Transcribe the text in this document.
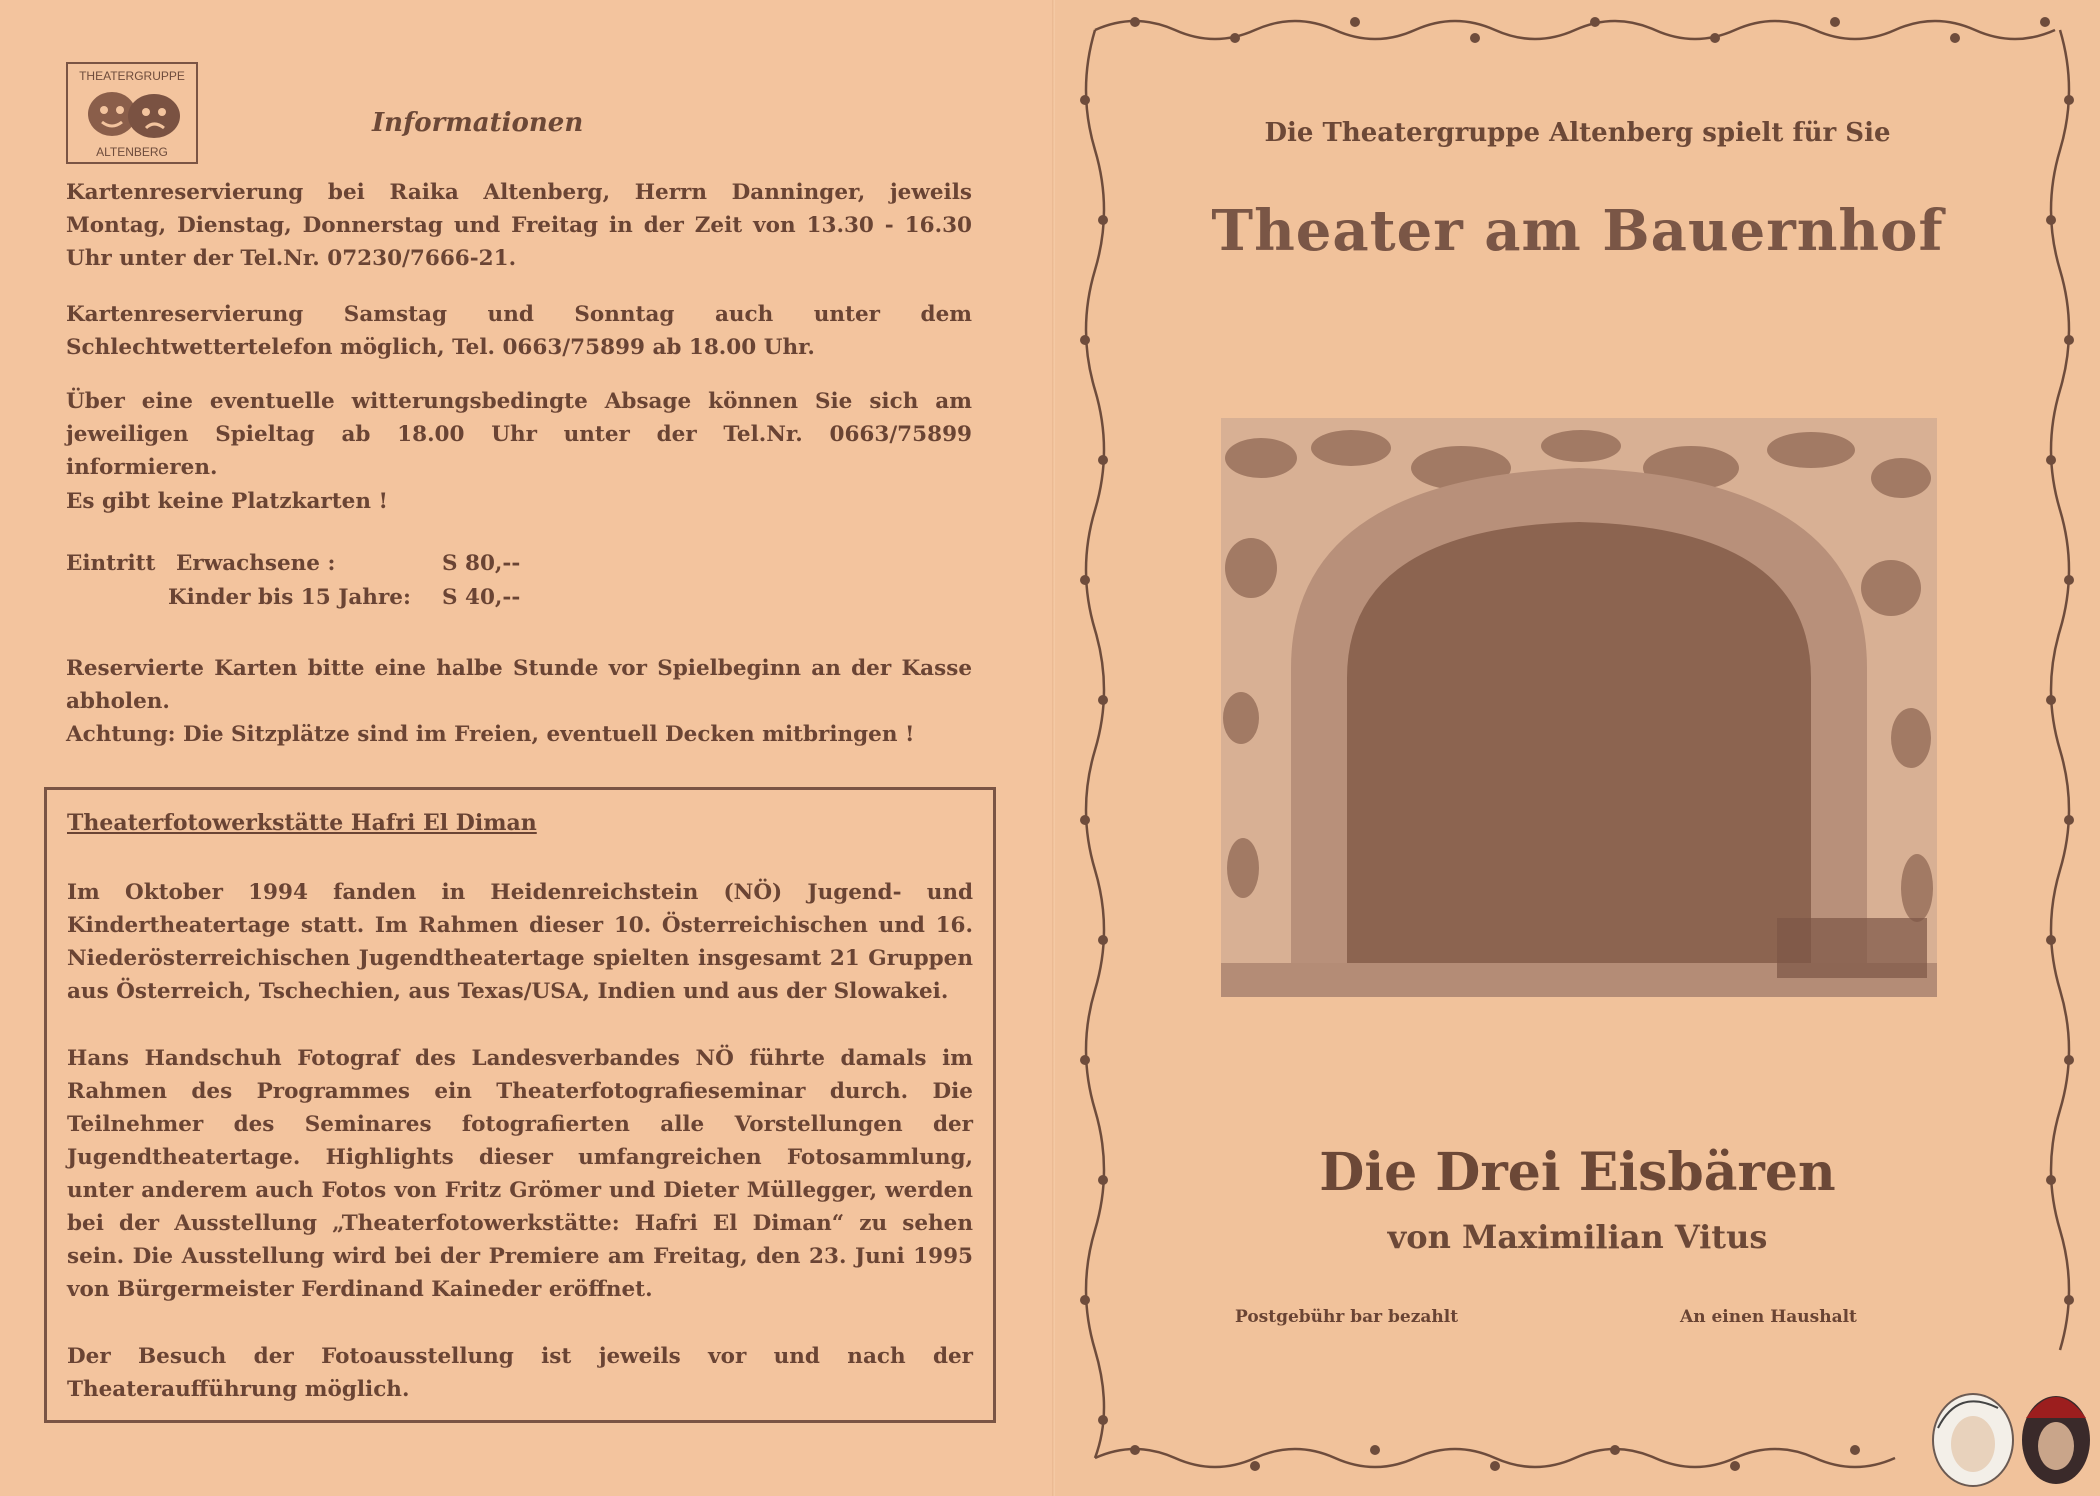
THEATERGRUPPE
ALTENBERG
Informationen

Kartenreservierung bei Raika Altenberg, Herrn Danninger, jeweils Montag, Dienstag, Donnerstag und Freitag in der Zeit von 13.30 - 16.30 Uhr unter der Tel.Nr. 07230/7666-21.

Kartenreservierung Samstag und Sonntag auch unter dem Schlechtwettertelefon möglich, Tel. 0663/75899 ab 18.00 Uhr.

Über eine eventuelle witterungsbedingte Absage können Sie sich am jeweiligen Spieltag ab 18.00 Uhr unter der Tel.Nr. 0663/75899 informieren.

Es gibt keine Platzkarten !

Eintritt Erwachsene :	S 80,--
Kinder bis 15 Jahre: S 40,--

Reservierte Karten bitte eine halbe Stunde vor Spielbeginn an der Kasse abholen.

Achtung: Die Sitzplätze sind im Freien, eventuell Decken mitbringen !

Theaterfotowerkstätte Hafri El Diman

Im Oktober 1994 fanden in Heidenreichstein (NÖ) Jugend- und Kindertheatertage statt. Im Rahmen dieser 10. Österreichischen und 16. Niederösterreichischen Jugendtheatertage spielten insgesamt 21 Gruppen aus Österreich, Tschechien, aus Texas/USA, Indien und aus der Slowakei.

Hans Handschuh Fotograf des Landesverbandes NÖ führte damals im Rahmen des Programmes ein Theaterfotografieseminar durch. Die Teilnehmer des Seminares fotografierten alle Vorstellungen der Jugendtheatertage. Highlights dieser umfangreichen Fotosammlung, unter anderem auch Fotos von Fritz Grömer und Dieter Müllegger, werden bei der Ausstellung „Theaterfotowerkstätte: Hafri El Diman“ zu sehen sein. Die Ausstellung wird bei der Premiere am Freitag, den 23. Juni 1995 von Bürgermeister Ferdinand Kaineder eröffnet.

Der Besuch der Fotoausstellung ist jeweils vor und nach der Theateraufführung möglich.

Die Theatergruppe Altenberg spielt für Sie
Theater am Bauernhof
Die Drei Eisbären
von Maximilian Vitus
Postgebühr bar bezahlt	An einen Haushalt
